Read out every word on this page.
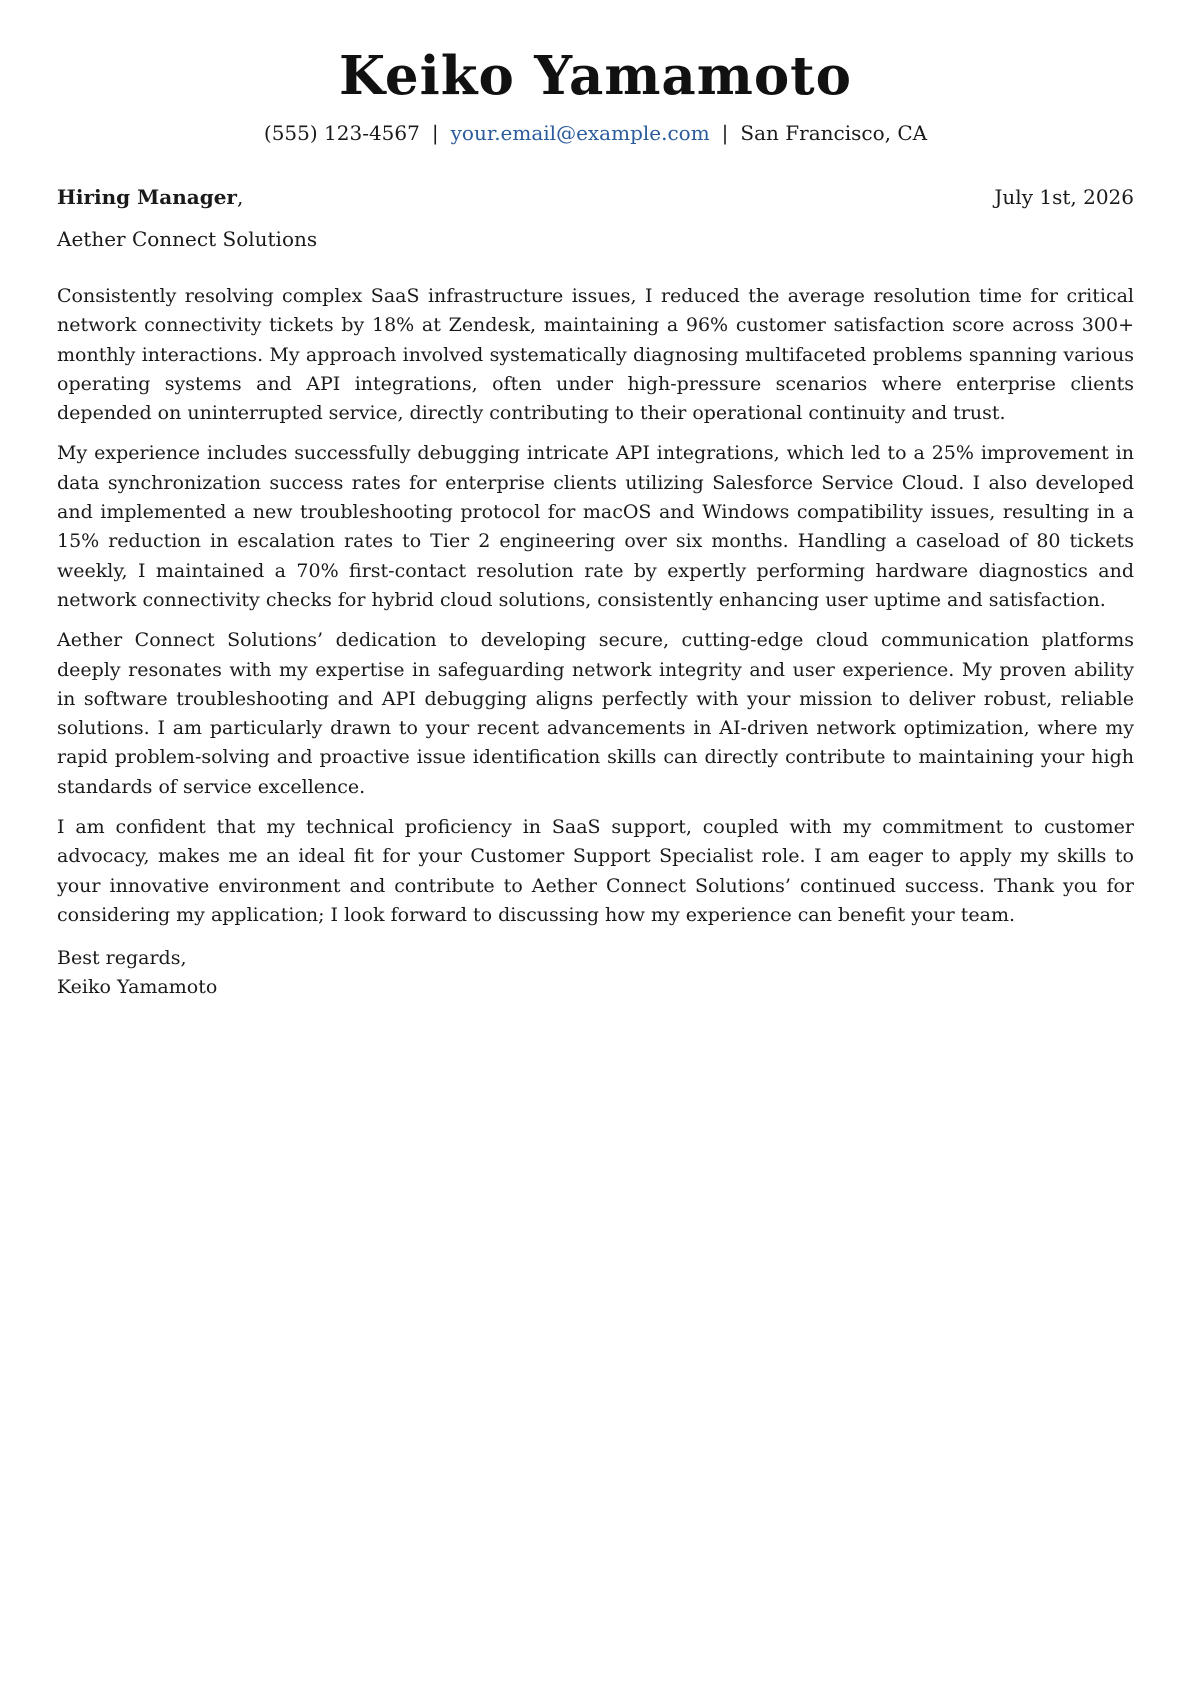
Keiko Yamamoto
(555) 123-4567 | your.email@example.com | San Francisco, CA
Hiring Manager,	July 1st, 2026
Aether Connect Solutions

Consistently resolving complex SaaS infrastructure issues, I reduced the average resolution time for critical network connectivity tickets by 18% at Zendesk, maintaining a 96% customer satisfaction score across 300+ monthly interactions. My approach involved systematically diagnosing multifaceted problems spanning various operating systems and API integrations, often under high-pressure scenarios where enterprise clients depended on uninterrupted service, directly contributing to their operational continuity and trust.

My experience includes successfully debugging intricate API integrations, which led to a 25% improvement in data synchronization success rates for enterprise clients utilizing Salesforce Service Cloud. I also developed and implemented a new troubleshooting protocol for macOS and Windows compatibility issues, resulting in a 15% reduction in escalation rates to Tier 2 engineering over six months. Handling a caseload of 80 tickets weekly, I maintained a 70% first-contact resolution rate by expertly performing hardware diagnostics and network connectivity checks for hybrid cloud solutions, consistently enhancing user uptime and satisfaction.

Aether Connect Solutions’ dedication to developing secure, cutting-edge cloud communication platforms deeply resonates with my expertise in safeguarding network integrity and user experience. My proven ability in software troubleshooting and API debugging aligns perfectly with your mission to deliver robust, reliable solutions. I am particularly drawn to your recent advancements in AI-driven network optimization, where my rapid problem-solving and proactive issue identification skills can directly contribute to maintaining your high standards of service excellence.

I am confident that my technical proficiency in SaaS support, coupled with my commitment to customer advocacy, makes me an ideal fit for your Customer Support Specialist role. I am eager to apply my skills to your innovative environment and contribute to Aether Connect Solutions’ continued success. Thank you for considering my application; I look forward to discussing how my experience can benefit your team.

Best regards,
Keiko Yamamoto
